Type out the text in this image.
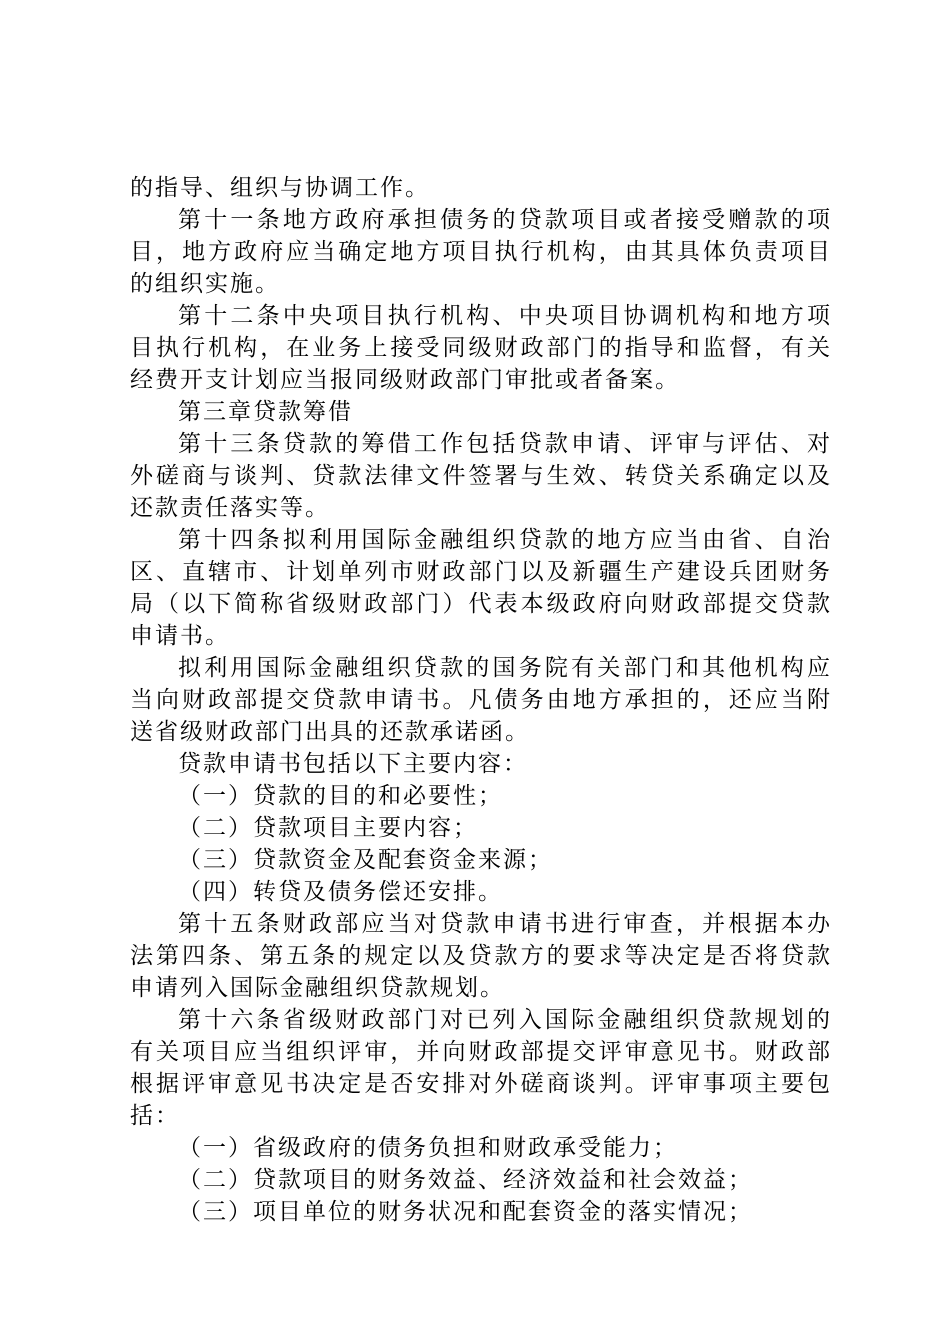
的指导、组织与协调工作。
第十一条地方政府承担债务的贷款项目或者接受赠款的项
目，地方政府应当确定地方项目执行机构，由其具体负责项目
的组织实施。
第十二条中央项目执行机构、中央项目协调机构和地方项
目执行机构，在业务上接受同级财政部门的指导和监督，有关
经费开支计划应当报同级财政部门审批或者备案。
第三章贷款筹借
第十三条贷款的筹借工作包括贷款申请、评审与评估、对
外磋商与谈判、贷款法律文件签署与生效、转贷关系确定以及
还款责任落实等。
第十四条拟利用国际金融组织贷款的地方应当由省、自治
区、直辖市、计划单列市财政部门以及新疆生产建设兵团财务
局（以下简称省级财政部门）代表本级政府向财政部提交贷款
申请书。
拟利用国际金融组织贷款的国务院有关部门和其他机构应
当向财政部提交贷款申请书。凡债务由地方承担的，还应当附
送省级财政部门出具的还款承诺函。
贷款申请书包括以下主要内容：
（一）贷款的目的和必要性；
（二）贷款项目主要内容；
（三）贷款资金及配套资金来源；
（四）转贷及债务偿还安排。
第十五条财政部应当对贷款申请书进行审查，并根据本办
法第四条、第五条的规定以及贷款方的要求等决定是否将贷款
申请列入国际金融组织贷款规划。
第十六条省级财政部门对已列入国际金融组织贷款规划的
有关项目应当组织评审，并向财政部提交评审意见书。财政部
根据评审意见书决定是否安排对外磋商谈判。评审事项主要包
括：
（一）省级政府的债务负担和财政承受能力；
（二）贷款项目的财务效益、经济效益和社会效益；
（三）项目单位的财务状况和配套资金的落实情况；
